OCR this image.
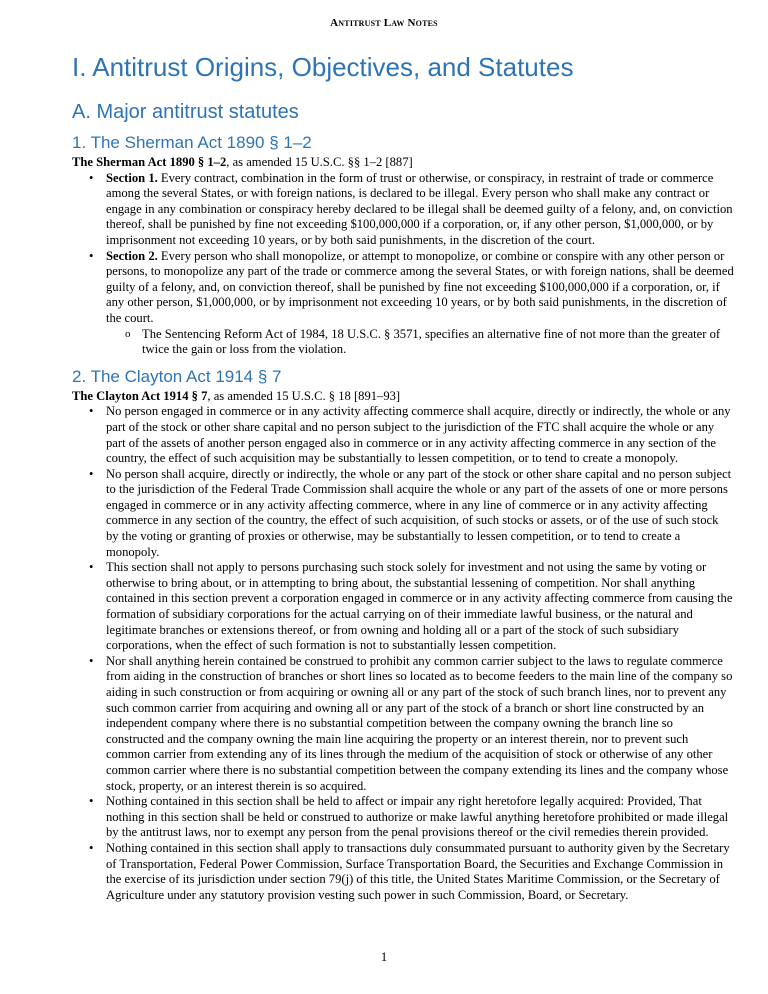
Antitrust Law Notes
I. Antitrust Origins, Objectives, and Statutes
A. Major antitrust statutes
1. The Sherman Act 1890 § 1–2

The Sherman Act 1890 § 1–2, as amended 15 U.S.C. §§ 1–2 [887]

• Section 1. Every contract, combination in the form of trust or otherwise, or conspiracy, in restraint of trade or commerce among the several States, or with foreign nations, is declared to be illegal. Every person who shall make any contract or engage in any combination or conspiracy hereby declared to be illegal shall be deemed guilty of a felony, and, on conviction thereof, shall be punished by fine not exceeding $100,000,000 if a corporation, or, if any other person, $1,000,000, or by imprisonment not exceeding 10 years, or by both said punishments, in the discretion of the court.
• Section 2. Every person who shall monopolize, or attempt to monopolize, or combine or conspire with any other person or persons, to monopolize any part of the trade or commerce among the several States, or with foreign nations, shall be deemed guilty of a felony, and, on conviction thereof, shall be punished by fine not exceeding $100,000,000 if a corporation, or, if any other person, $1,000,000, or by imprisonment not exceeding 10 years, or by both said punishments, in the discretion of the court.
o The Sentencing Reform Act of 1984, 18 U.S.C. § 3571, specifies an alternative fine of not more than the greater of twice the gain or loss from the violation.
2. The Clayton Act 1914 § 7

The Clayton Act 1914 § 7, as amended 15 U.S.C. § 18 [891–93]

• No person engaged in commerce or in any activity affecting commerce shall acquire, directly or indirectly, the whole or any part of the stock or other share capital and no person subject to the jurisdiction of the FTC shall acquire the whole or any part of the assets of another person engaged also in commerce or in any activity affecting commerce in any section of the country, the effect of such acquisition may be substantially to lessen competition, or to tend to create a monopoly.
• No person shall acquire, directly or indirectly, the whole or any part of the stock or other share capital and no person subject to the jurisdiction of the Federal Trade Commission shall acquire the whole or any part of the assets of one or more persons engaged in commerce or in any activity affecting commerce, where in any line of commerce or in any activity affecting commerce in any section of the country, the effect of such acquisition, of such stocks or assets, or of the use of such stock by the voting or granting of proxies or otherwise, may be substantially to lessen competition, or to tend to create a monopoly.
• This section shall not apply to persons purchasing such stock solely for investment and not using the same by voting or otherwise to bring about, or in attempting to bring about, the substantial lessening of competition. Nor shall anything contained in this section prevent a corporation engaged in commerce or in any activity affecting commerce from causing the formation of subsidiary corporations for the actual carrying on of their immediate lawful business, or the natural and legitimate branches or extensions thereof, or from owning and holding all or a part of the stock of such subsidiary corporations, when the effect of such formation is not to substantially lessen competition.
• Nor shall anything herein contained be construed to prohibit any common carrier subject to the laws to regulate commerce from aiding in the construction of branches or short lines so located as to become feeders to the main line of the company so aiding in such construction or from acquiring or owning all or any part of the stock of such branch lines, nor to prevent any such common carrier from acquiring and owning all or any part of the stock of a branch or short line constructed by an independent company where there is no substantial competition between the company owning the branch line so constructed and the company owning the main line acquiring the property or an interest therein, nor to prevent such common carrier from extending any of its lines through the medium of the acquisition of stock or otherwise of any other common carrier where there is no substantial competition between the company extending its lines and the company whose stock, property, or an interest therein is so acquired.
• Nothing contained in this section shall be held to affect or impair any right heretofore legally acquired: Provided, That nothing in this section shall be held or construed to authorize or make lawful anything heretofore prohibited or made illegal by the antitrust laws, nor to exempt any person from the penal provisions thereof or the civil remedies therein provided.
• Nothing contained in this section shall apply to transactions duly consummated pursuant to authority given by the Secretary of Transportation, Federal Power Commission, Surface Transportation Board, the Securities and Exchange Commission in the exercise of its jurisdiction under section 79(j) of this title, the United States Maritime Commission, or the Secretary of Agriculture under any statutory provision vesting such power in such Commission, Board, or Secretary.
1
